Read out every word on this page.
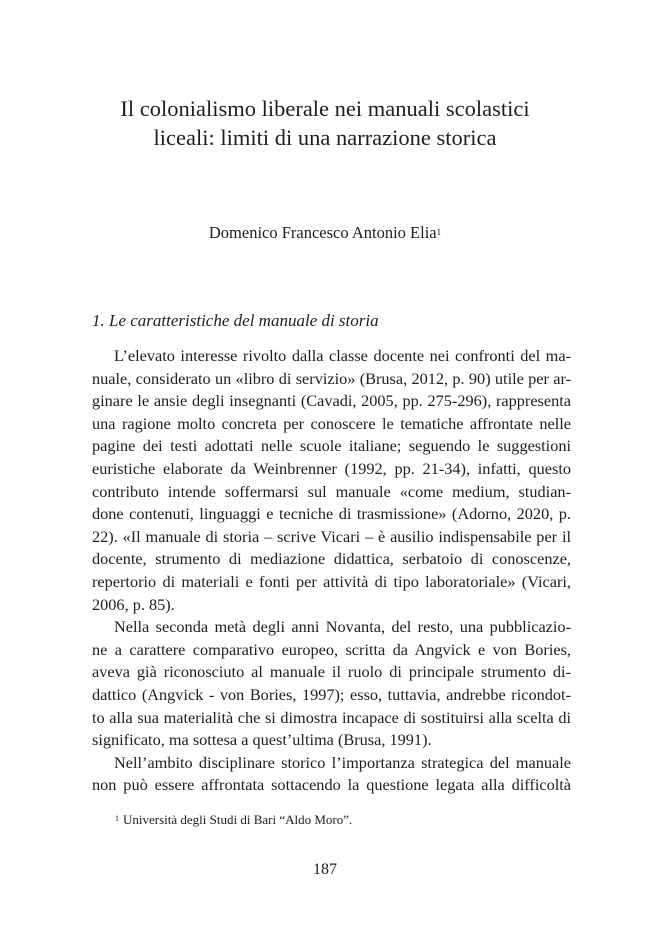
Il colonialismo liberale nei manuali scolastici
liceali: limiti di una narrazione storica
Domenico Francesco Antonio Elia$^1$
1. Le caratteristiche del manuale di storia
L’elevato interesse rivolto dalla classe docente nei confronti del ma-
nuale, considerato un «libro di servizio» (Brusa, 2012, p. 90) utile per ar-
ginare le ansie degli insegnanti (Cavadi, 2005, pp. 275-296), rappresenta
una ragione molto concreta per conoscere le tematiche affrontate nelle
pagine dei testi adottati nelle scuole italiane; seguendo le suggestioni
euristiche elaborate da Weinbrenner (1992, pp. 21-34), infatti, questo
contributo intende soffermarsi sul manuale «come medium, studian-
done contenuti, linguaggi e tecniche di trasmissione» (Adorno, 2020, p.
22). «Il manuale di storia – scrive Vicari – è ausilio indispensabile per il
docente, strumento di mediazione didattica, serbatoio di conoscenze,
repertorio di materiali e fonti per attività di tipo laboratoriale» (Vicari,
2006, p. 85).
Nella seconda metà degli anni Novanta, del resto, una pubblicazio-
ne a carattere comparativo europeo, scritta da Angvick e von Bories,
aveva già riconosciuto al manuale il ruolo di principale strumento di-
dattico (Angvick - von Bories, 1997); esso, tuttavia, andrebbe ricondot-
to alla sua materialità che si dimostra incapace di sostituirsi alla scelta di
significato, ma sottesa a quest’ultima (Brusa, 1991).
Nell’ambito disciplinare storico l’importanza strategica del manuale
non può essere affrontata sottacendo la questione legata alla difficoltà
$^1$ Università degli Studi di Bari “Aldo Moro”.
187
